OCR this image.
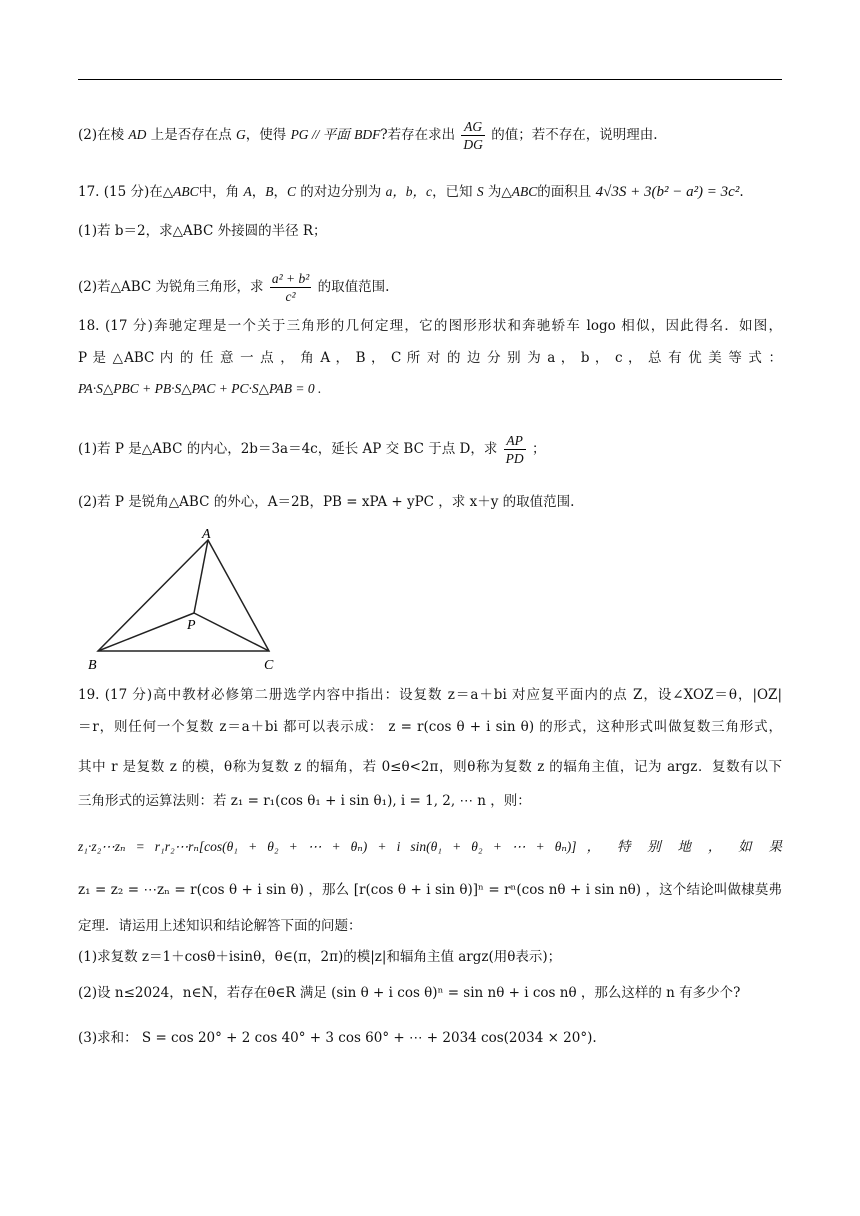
(2)在棱 AD 上是否存在点 G，使得 PG // 平面 BDF?若存在求出 $\frac{AG}{DG}$ 的值；若不存在，说明理由.
17. (15 分)在△ABC中，角 A，B，C 的对边分别为 a，b，c，已知 S 为△ABC的面积且 4√3S + 3(b² − a²) = 3c².
(1)若 b＝2，求△ABC 外接圆的半径 R；
(2)若△ABC 为锐角三角形，求 $\frac{\text{a² + b²}}{\text{c²}}$ 的取值范围.
18. (17 分)奔驰定理是一个关于三角形的几何定理，它的图形形状和奔驰轿车 logo 相似，因此得名．如图，
P 是 △ABC 内 的 任 意 一 点 ， 角 A ， B ， C 所 对 的 边 分 别 为 a ， b ， c ， 总 有 优 美 等 式 ：
PA·S△PBC + PB·S△PAC + PC·S△PAB = 0 .
(1)若 P 是△ABC 的内心，2b＝3a＝4c，延长 AP 交 BC 于点 D，求 $\frac{AP}{PD}$ ；
(2)若 P 是锐角△ABC 的外心，A＝2B，PB = xPA + yPC ，求 x＋y 的取值范围.
A
B	C
P
19. (17 分)高中教材必修第二册选学内容中指出：设复数 z＝a＋bi 对应复平面内的点 Z，设∠XOZ＝θ，|OZ|
＝r，则任何一个复数 z＝a＋bi 都可以表示成： z = r(cos θ + i sin θ) 的形式，这种形式叫做复数三角形式，
其中 r 是复数 z 的模，θ称为复数 z 的辐角，若 0≤θ<2π，则θ称为复数 z 的辐角主值，记为 argz．复数有以下
三角形式的运算法则：若 z₁ = r₁(cos θ₁ + i sin θ₁), i = 1, 2, ⋯ n ，则：
z₁·z₂⋯zₙ = r₁r₂⋯rₙ[cos(θ₁ + θ₂ + ⋯ + θₙ) + i sin(θ₁ + θ₂ + ⋯ + θₙ)] ， 特 别 地 ， 如 果
z₁ = z₂ = ⋯zₙ = r(cos θ + i sin θ) ，那么 [r(cos θ + i sin θ)]ⁿ = rⁿ(cos nθ + i sin nθ) ，这个结论叫做棣莫弗
定理．请运用上述知识和结论解答下面的问题：
(1)求复数 z＝1＋cosθ＋isinθ，θ∈(π，2π)的模|z|和辐角主值 argz(用θ表示)；
(2)设 n≤2024，n∈N，若存在θ∈R 满足 (sin θ + i cos θ)ⁿ = sin nθ + i cos nθ ，那么这样的 n 有多少个?
(3)求和： S = cos 20° + 2 cos 40° + 3 cos 60° + ⋯ + 2034 cos(2034 × 20°).
